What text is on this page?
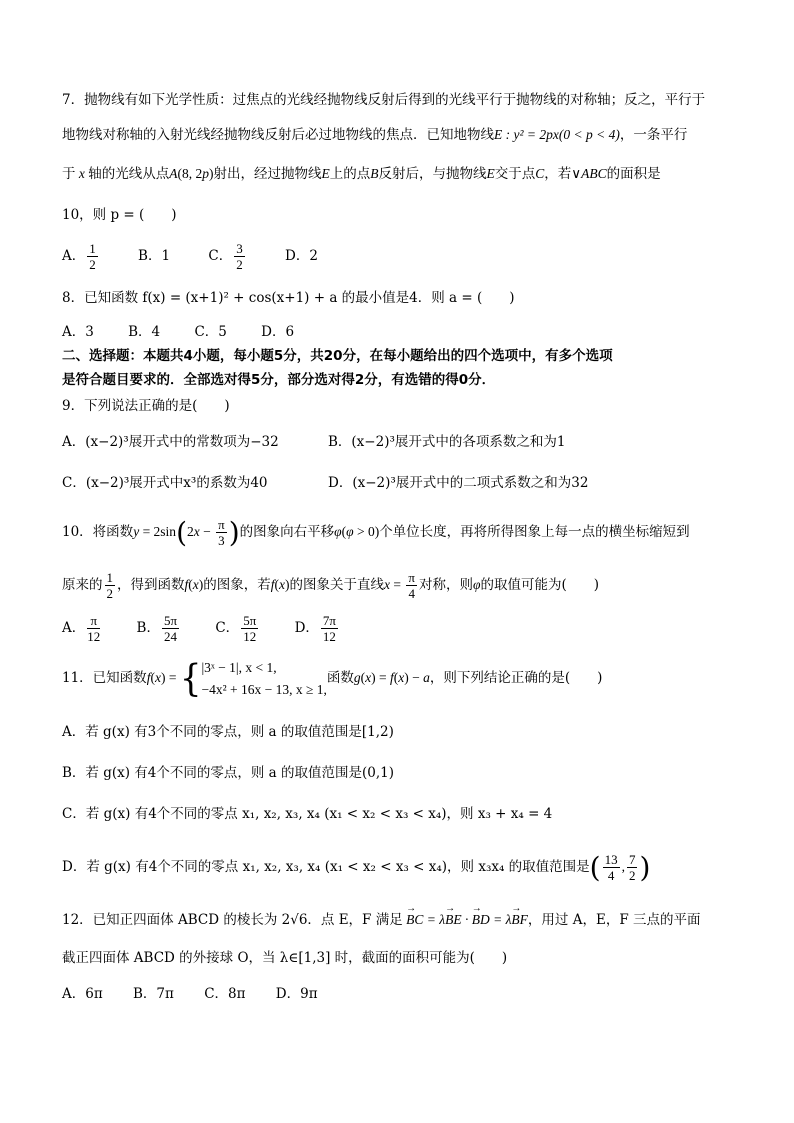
7．抛物线有如下光学性质：过焦点的光线经抛物线反射后得到的光线平行于抛物线的对称轴；反之，平行于
地物线对称轴的入射光线经抛物线反射后必过地物线的焦点．已知地物线E : y² = 2px(0 < p < 4)，一条平行
于 x 轴的光线从点A(8, 2p)射出，经过抛物线E上的点B反射后，与抛物线E交于点C，若∨ABC的面积是
10，则 p = (　　)
A． $\frac{1}{2}$	B．1	C． $\frac{3}{2}$	D．2
8．已知函数 f(x) = (x+1)² + cos(x+1) + a 的最小值是4．则 a = (　　)
A．3	B．4	C．5	D．6
二、选择题：本题共4小题，每小题5分，共20分，在每小题给出的四个选项中，有多个选项
是符合题目要求的．全部选对得5分，部分选对得2分，有选错的得0分．
9．下列说法正确的是(　　)
A．(x−2)³展开式中的常数项为−32	B．(x−2)³展开式中的各项系数之和为1
C．(x−2)³展开式中x³的系数为40	D．(x−2)³展开式中的二项式系数之和为32
10．将函数$y = 2\sin(2x - \frac{\pi}{3}$ )的图象向右平移φ(φ > 0)个单位长度，再将所得图象上每一点的横坐标缩短到
原来的 $\frac{1}{2}$ ，得到函数f(x)的图象，若f(x)的图象关于直线$x = \frac{\pi}{4}$ 对称，则φ的取值可能为(　　)
A． $\frac{\pi}{12}$	B． $\frac{5\pi}{24}$	C． $\frac{5\pi}{12}$	D． $\frac{7\pi}{12}$
11．已知函数f(x) = { |3ˣ − 1|, x < 1,
−4x² + 16x − 13, x ≥ 1,
函数g(x) = f(x) − a，则下列结论正确的是(　　)
A．若 g(x) 有3个不同的零点，则 a 的取值范围是[1,2)
B．若 g(x) 有4个不同的零点，则 a 的取值范围是(0,1)
C．若 g(x) 有4个不同的零点 x₁, x₂, x₃, x₄ (x₁ < x₂ < x₃ < x₄)，则 x₃ + x₄ = 4
D．若 g(x) 有4个不同的零点 x₁, x₂, x₃, x₄ (x₁ < x₂ < x₃ < x₄)，则 x₃x₄ 的取值范围是( $\frac{13}{4}$ , $\frac{7}{2}$ )
12．已知正四面体 ABCD 的棱长为 2√6．点 E，F 满足 → BC = λ→ BE · → BD = λ→ BF，用过 A，E，F 三点的平面
截正四面体 ABCD 的外接球 O，当 λ∈[1,3] 时，截面的面积可能为(　　)
A．6π B．7π C．8π D．9π
